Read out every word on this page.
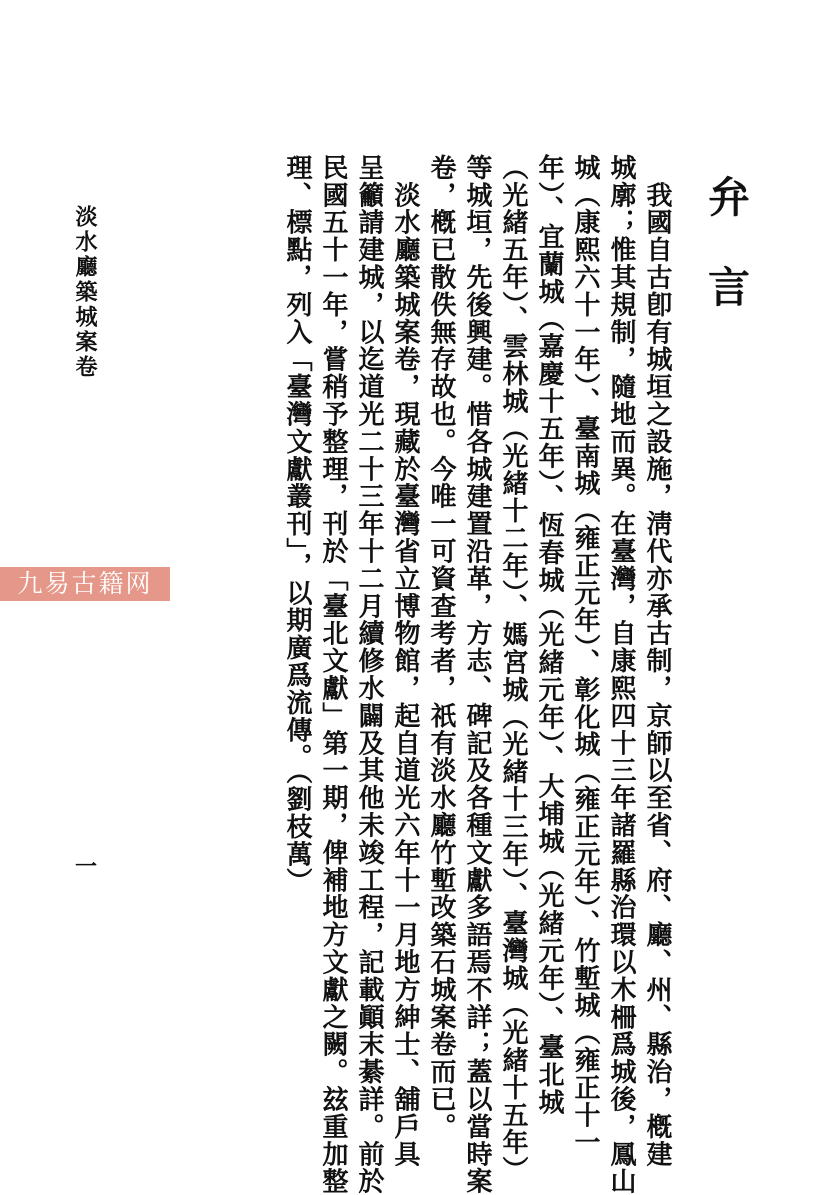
弁言
　我國自古卽有城垣之設施，淸代亦承古制，京師以至省、府、廳、州、縣治，槪建
城廓；惟其規制，隨地而異。在臺灣，自康熙四十三年諸羅縣治環以木柵爲城後，鳳山
城（康熙六十一年）、臺南城（雍正元年）、彰化城（雍正元年）、竹塹城（雍正十一
年）、宜蘭城（嘉慶十五年）、恆春城（光緒元年）、大埔城（光緒元年）、臺北城
（光緒五年）、雲林城（光緒十二年）、媽宮城（光緒十三年）、臺灣城（光緒十五年）
等城垣，先後興建。惜各城建置沿革，方志、碑記及各種文獻多語焉不詳；蓋以當時案
卷，槪已散佚無存故也。今唯一可資查考者，祇有淡水廳竹塹改築石城案卷而已。
　淡水廳築城案卷，現藏於臺灣省立博物館，起自道光六年十一月地方紳士、舖戶具
呈籲請建城，以迄道光二十三年十二月續修水闢及其他未竣工程，記載顚末綦詳。前於
民國五十一年，嘗稍予整理，刊於「臺北文獻」第一期，俾補地方文獻之闕。玆重加整
理、標點，列入「臺灣文獻叢刊」，以期廣爲流傳。（劉枝萬）
淡水廳築城案卷
一
九易古籍网
